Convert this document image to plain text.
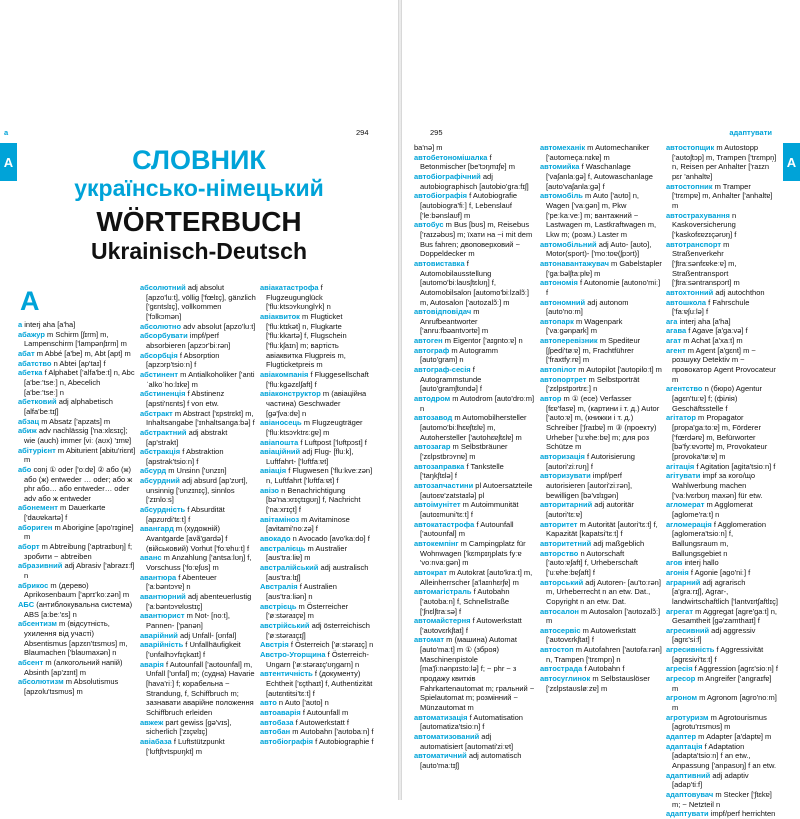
а	294
А	СЛОВНИК
українсько-німецький
WÖRTERBUCH
Ukrainisch-Deutsch
A

а interj аha [a'ha]

абажур m Schirm [ʃɪrm] m, Lampenschirm ['lampənʃɪrm] m

абат m Abbé [a'be] m, Abt [apt] m

абатство n Abtei [ap'taɪ] f

абетка f Alphabet ['alfa'beːt] n, Abc [a'beː'tseː] n, Abecelich [a'beː'tseː] n

абетковий adj alphabetisch [alfa'beːtɪʃ]

абзац m Absatz ['apzats] m

абиж adv nachlässig ['naːxlɛsɪç]; wie (auch) immer [viː (aʊx) 'ɪmɐ]

абітурієнт m Abiturient [abitu'riɛnt] m

або conj ① oder ['oːdɐ] ② або (ж) або (ж) entweder … oder; або ж phr або… або entweder… oder adv або ж entweder

абонемент m Dauerkarte ['daʊɐkartə] f

абориген m Aborigine [apo'rɪgine] m

аборт m Abtreibung ['aptraɪbʊŋ] f; зробити ~ abtreiben

абразивний adj Abrasiv ['abrazɪːf] n

абрикос m (дерево) Aprikosenbaum ['aprɪ'koːzən] m

АБС (антиблокувальна система) ABS [aːbeː'ɛs] n

абсентизм m (відсутність, ухилення від участі) Absentismus [apzɛn'tɪsmʊs] m, Blaumachen ['blaʊmaxən] n

абсент m (алкогольний напій) Absinth [ap'zɪnt] m

абсолютизм m Absolutismus [apzolu'tɪsmʊs] m

абсолютний adj absolut [apzo'luːt], völlig ['fœlɪç], gänzlich ['gɛntslɪç], vollkommen ['fɔlkɔmən]

абсолютно adv absolut [apzo'luːt]

абсорбувати impf/perf absorbieren [apzɔr'biːrən]

абсорбція f Absorption [apzɔrp'tsioːn] f

абстинент m Antialkoholiker ['antiˈalkoˈhoːlɪkɐ] m

абстиненція f Abstinenz [apsti'nɛnts] f von etw.

абстракт m Abstract ['ɛpstrɛkt] m, Inhaltsangabe ['ɪnhaltsangaːbə] f

абстрактний adj abstrakt [ap'strakt]

абстракція f Abstraktion [apstrak'tsioːn] f

абсурд m Unsinn ['ʊnzɪn]

абсурдний adj absurd [ap'zʊrt], unsinnig ['ʊnzɪnɪç], sinnlos ['zɪnloːs]

абсурдність f Absurdität [apzʊrdi'tɛːt] f

авангард m (художній) Avantgarde [avã'gardə] f (військовий) Vorhut ['foːɐhuːt] f

аванс m Anzahlung ['antsaːlʊŋ] f, Vorschuss ['foːɐʃʊs] m

авантюра f Abenteuer ['aːbəntɔʏɐ] n

авантюрний adj abenteuerlustig ['aːbəntɔʏɐlʊstɪç]

авантюрист m Not- [noːt], Pannen- ['panən]

аварійний adj Unfall- [ʊnfal]

аварійність f Unfallhäufigkeit ['ʊnfalhɔʏfɪçkaɪt] f

аварія f Autounfall ['aʊtoʊnfal] m, Unfall ['ʊnfal] m; (судна) Havarie [hava'riː] f; корабельна ~ Strandung, f, Schiffbruch m; зазнавати аварійне положення Schiffbruch erleiden

авжеж part gewiss [gə'vɪs], sicherlich ['zɪçɐlɪç]

авіабаза f Luftstützpunkt ['lʊftʃtʏtspʊŋkt] m

авіакатастрофа f Flugzeugunglück ['fluːktsɔʏkʊnglʏk] n

авіаквиток m Flugticket ['fluːktɪkət] n, Flugkarte ['fluːkkartə] f, Flugschein ['fluːkʃaɪn] m; вартість авіаквитка Flugpreis m, Flugticketpreis m

авіакомпанія f Fluggesellschaft ['fluːkgəzɛlʃaft] f

авіаконструктор m (авіаційна частина) Geschwader [gə'ʃvaːdɐ] n

авіаносець m Flugzeugträger ['fluːktsɔʏktrɛːgɐ] m

авіапошта f Luftpost ['lʊftpɔst] f

авіаційний adj Flug- [fluːk], Luftfahrt- ['lʊftfaːɐt]

авіація f Flugwesen ['fluːkveːzən] n, Luftfahrt ['lʊftfaːɐt] f

авізо n Benachrichtigung [bə'naːxrɪçtɪgʊŋ] f, Nachricht ['naːxrɪçt] f

авітаміноз m Avitaminose [avitami'noːzə] f

авокадо n Avocado [avo'kaːdo] f

австралієць m Australier [aʊs'traːliɐ] m

австралійський adj australisch [aʊs'traːlɪʃ]

Австралія f Australien [aʊs'traːliən] n

австрієць m Österreicher ['øːstəraɪçɐ] m

австрійський adj österreichisch ['øːstəraɪçɪʃ]

Австрія f Österreich ['øːstəraɪç] n

Австро-Угорщина f Österreich-Ungarn ['øːstəraɪç'ʊŋgarn] n

автентичність f (документу) Echtheit ['ɛçthaɪt] f, Authentizität [aʊtɛntitsi'tɛːt] f

авто n Auto ['aʊto] n

автоаварія f Autounfall m

автобаза f Autowerkstatt f

автобан m Autobahn ['aʊtobaːn] f

автобіографія f Autobiographie f

295	адаптувати
А

ba'nə] m

автобетономішалка f Betonmischer [be'tɔŋmɪʃɐ] m

автобіографічний adj autobiographisch [autobio'graːfɪʃ]

автобіографія f Autobiografie [autobiogra'fiː] f, Lebenslauf ['leːbənslaʊf] m

автобус m Bus [bʊs] m, Reisebus ['raɪzəbʊs] m; їхати на ~і mit dem Bus fahren; двоповерховий ~ Doppeldecker m

автовиставка f Automobilausstellung [automo'biːlaʊsʃtɛlʊŋ] f, Automobilsalon [automo'biːlzalɔ̃ː] m, Autosalon ['aʊtozalɔ̃ː] m

автовідповідач m Anrufbeantworter ['anruːfbəantvɔrtɐ] m

автоген m Eigentor ['aɪgntoːɐ] n

автограф m Autogramm [auto'gram] n

автограф-сесія f Autogrammstunde [auto'gramʃtʊndə] f

автодром m Autodrom [auto'droːm] n

автозавод m Automobilhersteller [automo'biːlhɛɐʃtɛlɐ] m, Autohersteller ['aʊtohɛɐʃtɛlɐ] m

автозагар m Selbstbräuner ['zɛlpstbrɔʏnɐ] m

автозаправка f Tankstelle ['taŋkʃtɛlə] f

автозапчастини pl Autoersatzteile [autoɛɐ'zatstaɪlə] pl

автоімунітет m Autoimmunität [autoɪmuni'tɛːt] f

автокатастрофа f Autounfall ['aʊtoʊnfal] m

автокемпінг m Campingplatz für Wohnwagen ['kɛmpɪŋplats fyːɐ 'voːnvaːgən] m

автократ m Autokrat [auto'kraːt] m, Alleinherrscher [a'laɪnhɛrʃɐ] m

автомагістраль f Autobahn ['aʊtobaːn] f, Schnellstraße ['ʃnɛlʃtraːsə] f

автомайстерня f Autowerkstatt ['aʊtovɛrkʃtat] f

автомат m (машина) Automat [auto'maːt] m ① (зброя) Maschinenpistole [ma'ʃiːnənpɪstoːlə] f; ~ phr ~ з продажу квитків Fahrkartenautomat m; гральний ~ Spielautomat m; розмінний ~ Münzautomat m

автоматизація f Automatisation [automatiza'tsioːn] f

автоматизований adj automatisiert [automati'ziːɐt]

автоматичний adj automatisch [auto'maːtɪʃ]

автомеханік m Automechaniker ['aʊtomeçaːnɪkɐ] m

автомийка f Waschanlage ['vaʃanlaːgə] f, Autowaschanlage [aʊto'vaʃanlaːgə] f

автомобіль m Auto ['aʊto] n, Wagen ['vaːgən] m, Pkw ['peːkaːveː] m; вантажний ~ Lastwagen m, Lastkraftwagen m, Lkw m; (розм.) Laster m

автомобільний adj Auto- [aʊto], Motor(sport)- ['moːtoɐ(ʃpɔrt)]

автонавантажувач m Gabelstapler ['gaːbəlʃtaːplɐ] m

автономія f Autonomie [autono'miː] f

автономний adj autonom [auto'noːm]

автопарк m Wagenpark ['vaːgənpark] m

автоперевізник m Spediteur [ʃpedi'tøːɐ] m, Frachtführer ['fraxtfyːrɐ] m

автопілот m Autopilot ['aʊtopiloːt] m

автопортрет m Selbstporträt ['zɛlpstpɔrtrɛː] n

автор m ① (есе) Verfasser [fɛɐ'fasɐ] m, (картини і т. д.) Autor ['aʊtoːɐ] m, (книжки і т. д.) Schreiber ['ʃraɪbɐ] m ③ (проекту) Urheber ['uːɐheːbɐ] m; для роз Schütze m

авторизація f Autorisierung [autori'ziːrʊŋ] f

авторизувати impf/perf autorisieren [autori'ziːrən], bewilligen [bə'vɪlɪgən]

авторитарний adj autoritär [autori'tɛːɐ]

авторитет m Autorität [autori'tɛːt] f, Kapazität [kapatsi'tɛːt] f

авторитетний adj maßgeblich

авторство n Autorschaft ['aʊtoːɐʃaft] f, Urheberschaft ['uːɐheːbɐʃaft] f

авторський adj Autoren- [au'toːrən] m, Urheberrecht n an etw. Dat., Copyright n an etw. Dat.

автосалон m Autosalon ['aʊtozalɔ̃ː] m

автосервіс m Autowerkstatt ['aʊtovɛrkʃtat] f

автостоп m Autofahren ['aʊtofaːrən] n, Trampen ['trɛmpn̩] n

автострада f Autobahn f

автосуглинок m Selbstauslöser ['zɛlpstaʊsløːzɐ] m

автостопщик m Autostopp ['aʊtoʃtɔp] m, Trampen ['trɛmpn̩] n, Reisen per Anhalter ['raɪzn pɛr 'anhaltɐ]

автостопник m Tramper ['trɛmpɐ] m, Anhalter ['anhaltɐ] m

автострахування n Kaskoversicherung ['kaskofɛɐzɪçərʊŋ] f

автотранспорт m Straßenverkehr ['ʃtraːsənfɛɐkeːɐ] m, Straßentransport ['ʃtraːsəntranspɔrt] m

автохтонний adj autochthon

автошкола f Fahrschule ['faːɐʃuːlə] f

ага interj аha [a'ha]

агава f Agave [a'gaːvə] f

агат m Achat [a'xaːt] m

агент m Agent [a'gɛnt] m ~ розшуку Detektiv m ~ провокатор Agent Provocateur m

агентство n (бюро) Agentur [agɛn'tuːɐ] f; (філія) Geschäftsstelle f

агітатор m Propagator [propa'gaːtoːɐ] m, Förderer ['fœrdərɐ] m, Befürworter [bə'fyːɐvɔrtɐ] m, Provokateur [provoka'tøːɐ] m

агітація f Agitation [agita'tsioːn] f

агітувати impf за кого/що Wahlwerbung machen ['vaːlvɛrbʊŋ maxən] für etw.

агломерат m Agglomerat [aglome'raːt] n

агломерація f Agglomeration [aglomera'tsioːn] f, Ballungsraum m, Ballungsgebiet n

агов interj hallo

агонія f Agonie [ago'niː] f

аграрний adj agrarisch [a'graːrɪʃ], Agrar-, landwirtschaftlich ['lantvɪrtʃaftlɪç]

агрегат m Aggregat [agre'gaːt] n, Gesamtheit [gə'zamthaɪt] f

агресивний adj aggressiv [agrɛ'siːf]

агресивність f Aggressivität [agrɛsivi'tɛːt] f

агресія f Aggression [agrɛ'sioːn] f

агресор m Angreifer ['angraɪfɐ] m

агроном m Agronom [agro'noːm] m

агротуризм m Agrotourismus [agrotu'rɪsmʊs] m

адаптер m Adapter [a'daptɐ] m

адаптація f Adaptation [adapta'tsioːn] f an etw., Anpassung ['anpasʊŋ] f an etw.

адаптивний adj adaptiv [adap'tiːf]

адаптовувач m Stecker ['ʃtɛkɐ] m; ~ Netzteil n

адаптувати impf/perf herrichten
